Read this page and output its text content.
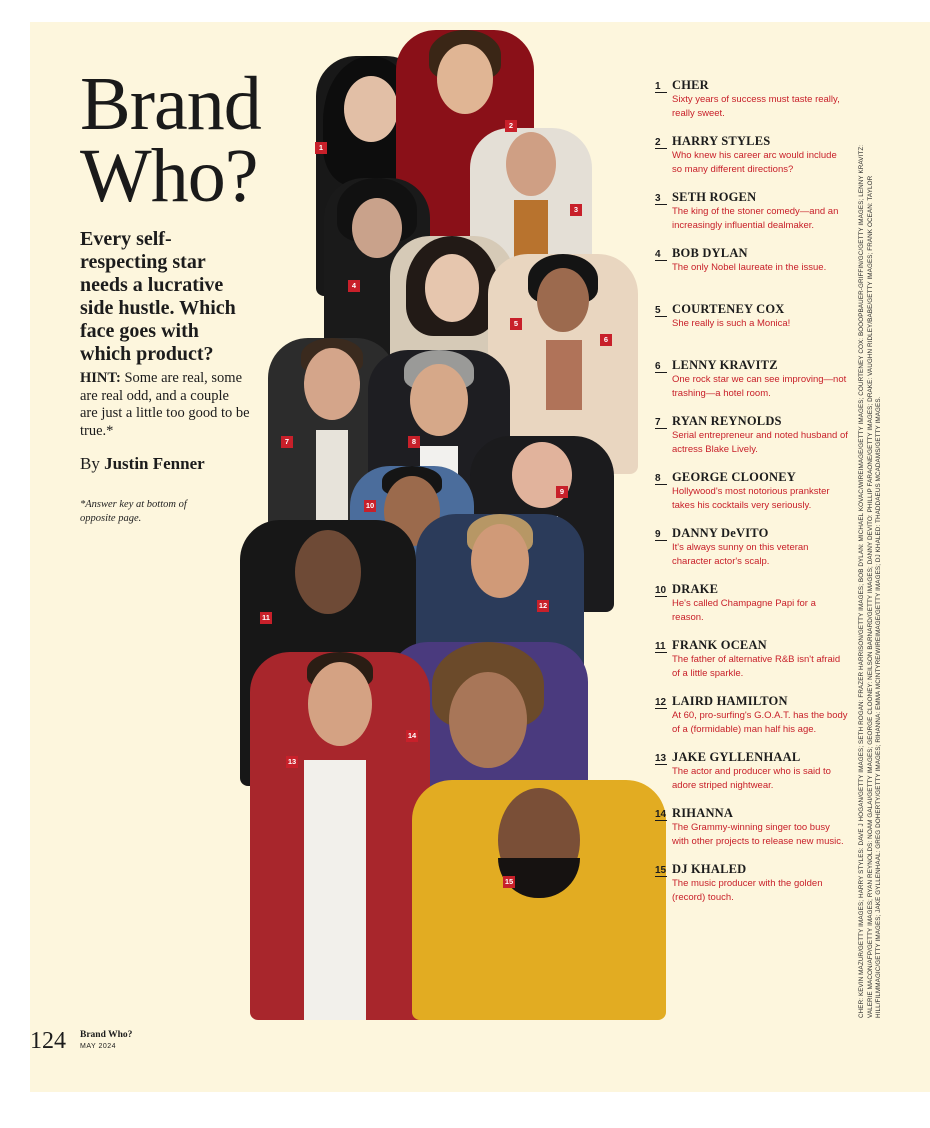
Brand
Who?
Every self-respecting star needs a lucrative side hustle. Which face goes with which product?
HINT: Some are real, some are real odd, and a couple are just a little too good to be true.*
By Justin Fenner
*Answer key at bottom of opposite page.
1
2
3
4
5
6
7	8
9
10
11
12
13
14
15
1 CHER
Sixty years of success must taste really, really sweet.
2 HARRY STYLES
Who knew his career arc would include so many different directions?
3 SETH ROGEN
The king of the stoner comedy—and an increasingly influential dealmaker.
4 BOB DYLAN
The only Nobel laureate in the issue.
5 COURTENEY COX
She really is such a Monica!
6 LENNY KRAVITZ
One rock star we can see improving—not trashing—a hotel room.
7 RYAN REYNOLDS
Serial entrepreneur and noted husband of actress Blake Lively.
8 GEORGE CLOONEY
Hollywood's most notorious prankster takes his cocktails very seriously.
9 DANNY DeVITO
It's always sunny on this veteran character actor's scalp.
10 DRAKE
He's called Champagne Papi for a reason.
11 FRANK OCEAN
The father of alternative R&B isn't afraid of a little sparkle.
12 LAIRD HAMILTON
At 60, pro-surfing's G.O.A.T. has the body of a (formidable) man half his age.
13 JAKE GYLLENHAAL
The actor and producer who is said to adore striped nightwear.
14 RIHANNA
The Grammy-winning singer too busy with other projects to release new music.
15 DJ KHALED
The music producer with the golden (record) touch.	CHER: KEVIN MAZUR/GETTY IMAGES; HARRY STYLES: DAVE J HOGAN/GETTY IMAGES; SETH ROGAN: FRAZER HARRISON/GETTY IMAGES; BOB DYLAN: MICHAEL KOVAC/WIREIMAGE/GETTY IMAGES; COURTENEY COX: BOOOPBAUER-GRIFFIN/GC/GETTY IMAGES; LENNY KRAVITZ: VALERIE MACON/AFP/GETTY IMAGES; RYAN REYNOLDS: NOAM GALAI/GETTY IMAGES; GEORGE CLOONEY: NEILSON BARNARD/GETTY IMAGES; DANNY DEVITO: PHILLIP FARAONE/GETTY IMAGES; DRAKE: VAUGHN RIDLEY/BABE/GETTY IMAGES; FRANK OCEAN: TAYLOR HILL/FILMMAGIC/GETTY IMAGES; JAKE GYLLENHAAL: GREG DOHERTY/GETTY IMAGES; RIHANNA: EMMA MCINTYRE/WIREIMAGE/GETTY IMAGES; DJ KHALED: THADDAEUS MCADAMS/GETTY IMAGES.
124 Brand Who?
MAY 2024
